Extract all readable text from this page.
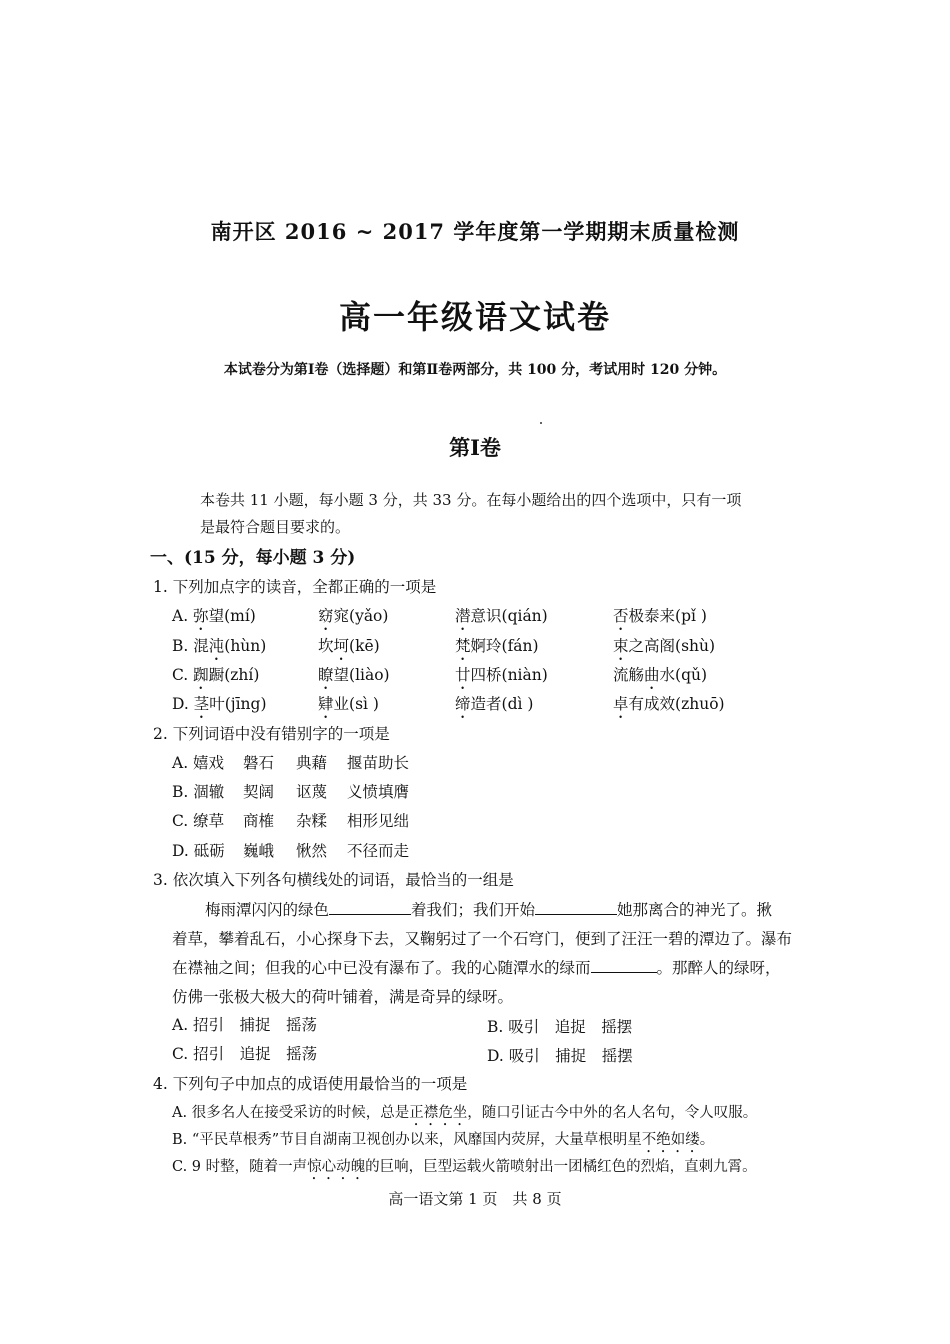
南开区 2016 ~ 2017 学年度第一学期期末质量检测
高一年级语文试卷
本试卷分为第Ⅰ卷（选择题）和第Ⅱ卷两部分，共 100 分，考试用时 120 分钟。
第Ⅰ卷

本卷共 11 小题，每小题 3 分，共 33 分。在每小题给出的四个选项中，只有一项

是最符合题目要求的。

一、(15 分，每小题 3 分)
1. 下列加点字的读音，全都正确的一项是
A. 弥望(mí)	窈窕(yǎo)	潜意识(qián)	否极泰来(pǐ )
B. 混沌(hùn)	坎坷(kē)	梵婀玲(fán)	束之高阁(shù)
C. 踟蹰(zhí)	瞭望(liào)	廿四桥(niàn)	流觞曲水(qǔ)
D. 茎叶(jīng)	肄业(sì )	缔造者(dì )	卓有成效(zhuō)
2. 下列词语中没有错别字的一项是
A. 嬉戏 磐石 典藉 揠苗助长
B. 涸辙 契阔 讴蔑 义愤填膺
C. 缭草 商榷 杂糅 相形见绌
D. 砥砺 巍峨 愀然 不径而走
3. 依次填入下列各句横线处的词语，最恰当的一组是
梅雨潭闪闪的绿色	着我们；我们开始	她那离合的神光了。揪
着草，攀着乱石，小心探身下去，又鞠躬过了一个石穹门，便到了汪汪一碧的潭边了。瀑布
在襟袖之间；但我的心中已没有瀑布了。我的心随潭水的绿而	。那醉人的绿呀，
仿佛一张极大极大的荷叶铺着，满是奇异的绿呀。
A. 招引　捕捉　摇荡	B. 吸引　追捉　摇摆
C. 招引　追捉　摇荡	D. 吸引　捕捉　摇摆
4. 下列句子中加点的成语使用最恰当的一项是
A. 很多名人在接受采访的时候，总是正襟危坐，随口引证古今中外的名人名句，令人叹服。
B. “平民草根秀”节目自湖南卫视创办以来，风靡国内荧屏，大量草根明星不绝如缕。
C. 9 时整，随着一声惊心动魄的巨响，巨型运载火箭喷射出一团橘红色的烈焰，直刺九霄。
高一语文第 1 页　共 8 页
